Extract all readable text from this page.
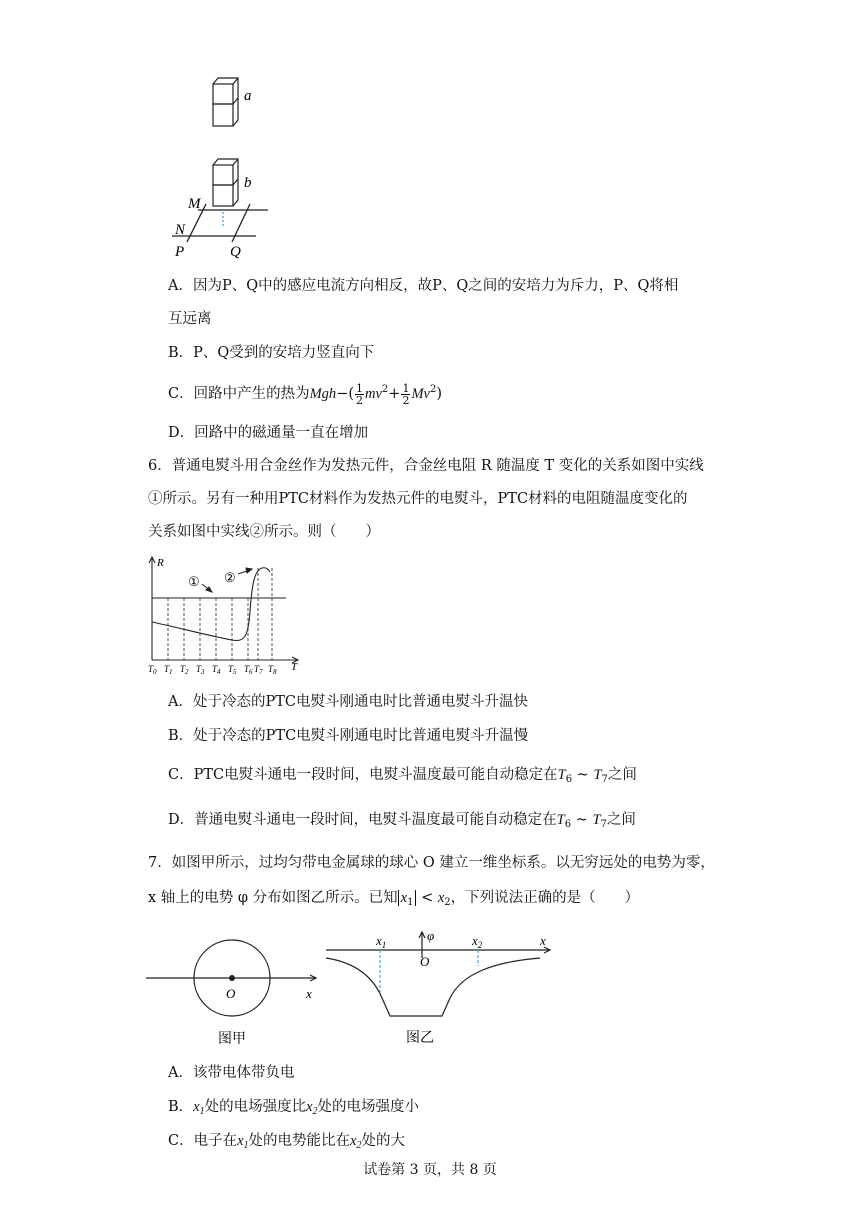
a
b
M
N
P	Q
A．因为P、Q中的感应电流方向相反，故P、Q之间的安培力为斥力，P、Q将相
互远离
B．P、Q受到的安培力竖直向下
C．回路中产生的热为$Mgh-( \frac{1}{2} mv^2+ \frac{1}{2} Mv^2)$
D．回路中的磁通量一直在增加
6．普通电熨斗用合金丝作为发热元件，合金丝电阻 R 随温度 T 变化的关系如图中实线
①所示。另有一种用PTC材料作为发热元件的电熨斗，PTC材料的电阻随温度变化的
关系如图中实线②所示。则（　　）
R
T
① ②
$T_0$ $T_1$ $T_2$ $T_3$ $T_4$ $T_5$ $T_6$ $T_7$ $T_8$
A．处于冷态的PTC电熨斗刚通电时比普通电熨斗升温快
B．处于冷态的PTC电熨斗刚通电时比普通电熨斗升温慢
C．PTC电熨斗通电一段时间，电熨斗温度最可能自动稳定在$T_6$ ~ $T_7$之间
D．普通电熨斗通电一段时间，电熨斗温度最可能自动稳定在$T_6$ ~ $T_7$之间
7．如图甲所示，过均匀带电金属球的球心 O 建立一维坐标系。以无穷远处的电势为零，
x 轴上的电势 φ 分布如图乙所示。已知 $x_1 < x_2$，下列说法正确的是（　　）
O	x
图甲
$x_1$	$x_2$
φ
O
x
图乙
A．该带电体带负电
B．$x_1$处的电场强度比$x_2$处的电场强度小
C．电子在$x_1$处的电势能比在$x_2$处的大
试卷第 3 页，共 8 页
